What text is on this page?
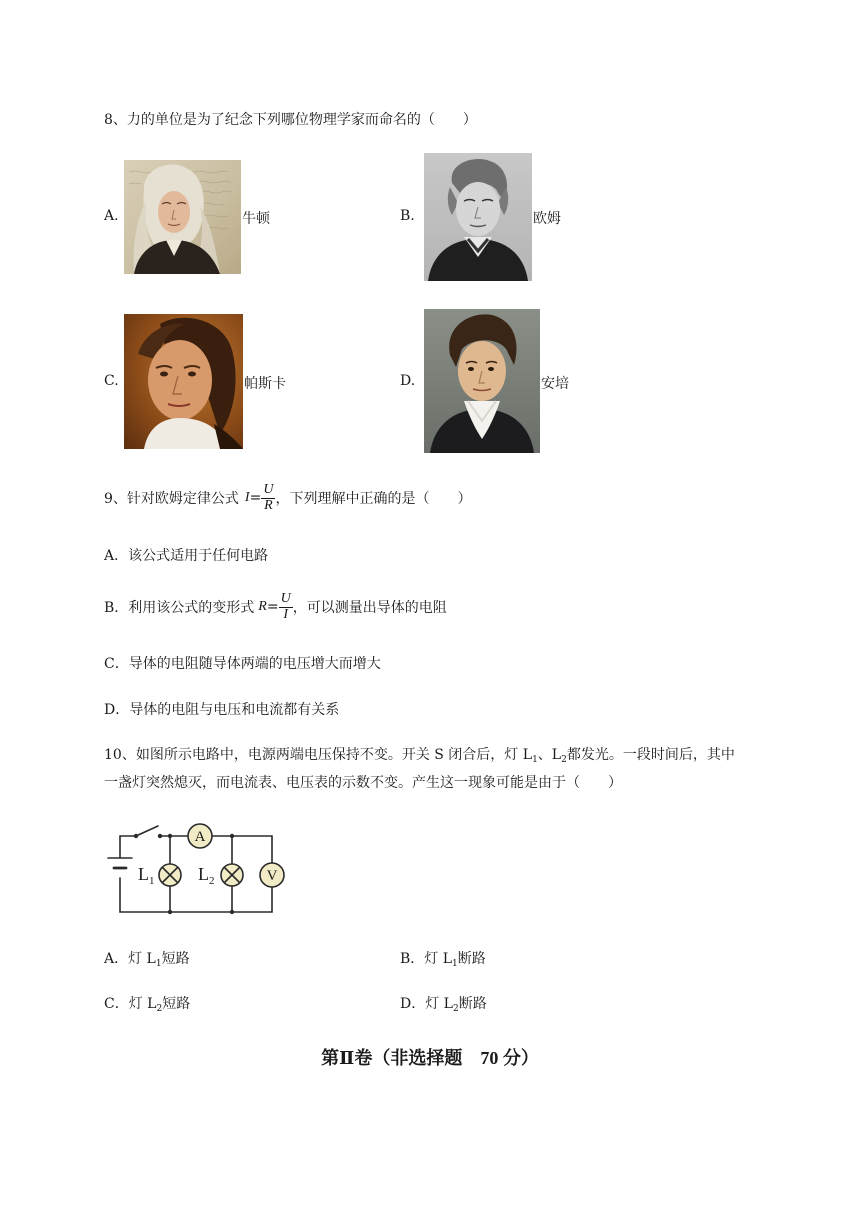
8、力的单位是为了纪念下列哪位物理学家而命名的（　　）
A.	牛顿	B.	欧姆
C.	帕斯卡	D.	安培
9、针对欧姆定律公式 $I = \frac{U}{R}$ ，下列理解中正确的是（　　）
A．该公式适用于任何电路
B．利用该公式的变形式 $R = \frac{U}{I}$ ，可以测量出导体的电阻
C．导体的电阻随导体两端的电压增大而增大
D．导体的电阻与电压和电流都有关系
10、如图所示电路中，电源两端电压保持不变。开关 S 闭合后，灯 $L_1$、$L_2$都发光。一段时间后，其中
一盏灯突然熄灭，而电流表、电压表的示数不变。产生这一现象可能是由于（　　）
A
V
L 1 L 2
A．灯 $L_1$短路	B．灯 $L_1$断路
C．灯 $L_2$短路	D．灯 $L_2$断路
第Ⅱ卷（非选择题　70 分）
